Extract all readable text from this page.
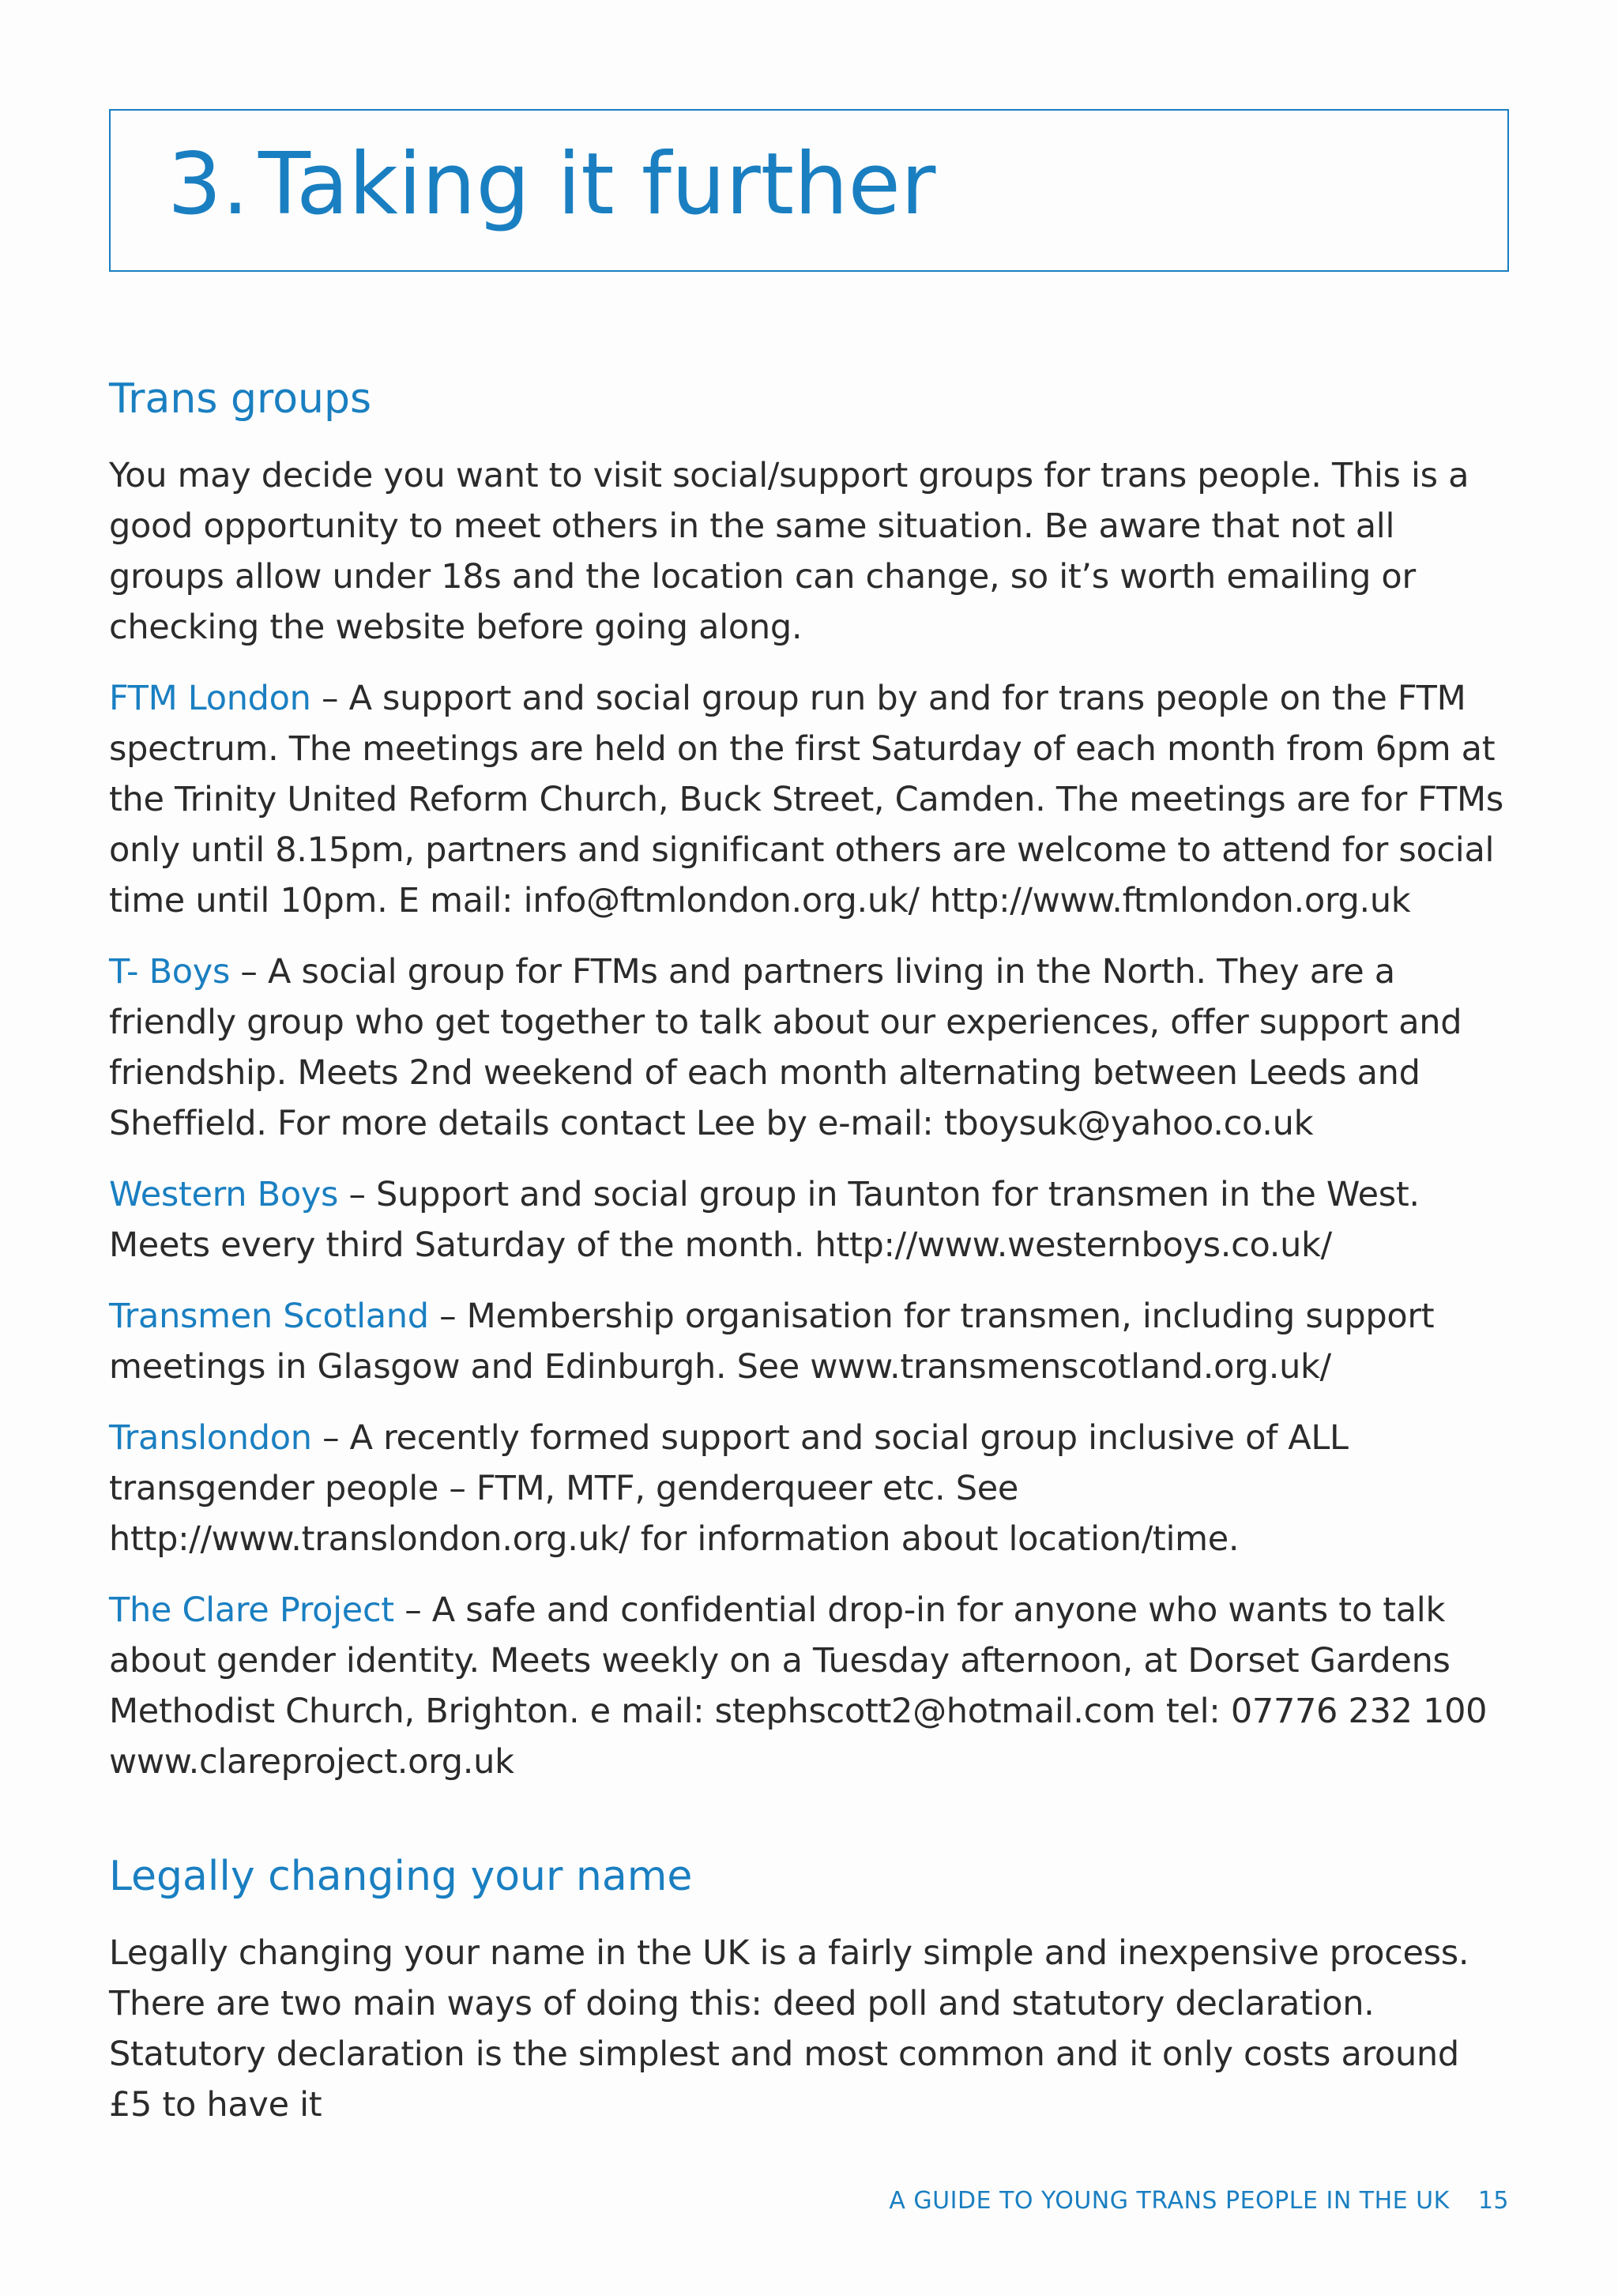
3. Taking it further
Trans groups

You may decide you want to visit social/support groups for trans people. This is a good opportunity to meet others in the same situation. Be aware that not all groups allow under 18s and the location can change, so it’s worth emailing or checking the website before going along.

FTM London – A support and social group run by and for trans people on the FTM spectrum. The meetings are held on the first Saturday of each month from 6pm at the Trinity United Reform Church, Buck Street, Camden. The meetings are for FTMs only until 8.15pm, partners and significant others are welcome to attend for social time until 10pm. E mail: info@ftmlondon.org.uk/ http://www.ftmlondon.org.uk

T- Boys – A social group for FTMs and partners living in the North. They are a friendly group who get together to talk about our experiences, offer support and friendship. Meets 2nd weekend of each month alternating between Leeds and Sheffield. For more details contact Lee by e-mail: tboysuk@yahoo.co.uk

Western Boys – Support and social group in Taunton for transmen in the West. Meets every third Saturday of the month. http://www.westernboys.co.uk/

Transmen Scotland – Membership organisation for transmen, including support meetings in Glasgow and Edinburgh. See www.transmenscotland.org.uk/

Translondon – A recently formed support and social group inclusive of ALL transgender people – FTM, MTF, genderqueer etc. See http://www.translondon.org.uk/ for information about location/time.

The Clare Project – A safe and confidential drop-in for anyone who wants to talk about gender identity. Meets weekly on a Tuesday afternoon, at Dorset Gardens Methodist Church, Brighton. e mail: stephscott2@hotmail.com tel: 07776 232 100 www.clareproject.org.uk

Legally changing your name

Legally changing your name in the UK is a fairly simple and inexpensive process. There are two main ways of doing this: deed poll and statutory declaration. Statutory declaration is the simplest and most common and it only costs around £5 to have it

A GUIDE TO YOUNG TRANS PEOPLE IN THE UK 15
